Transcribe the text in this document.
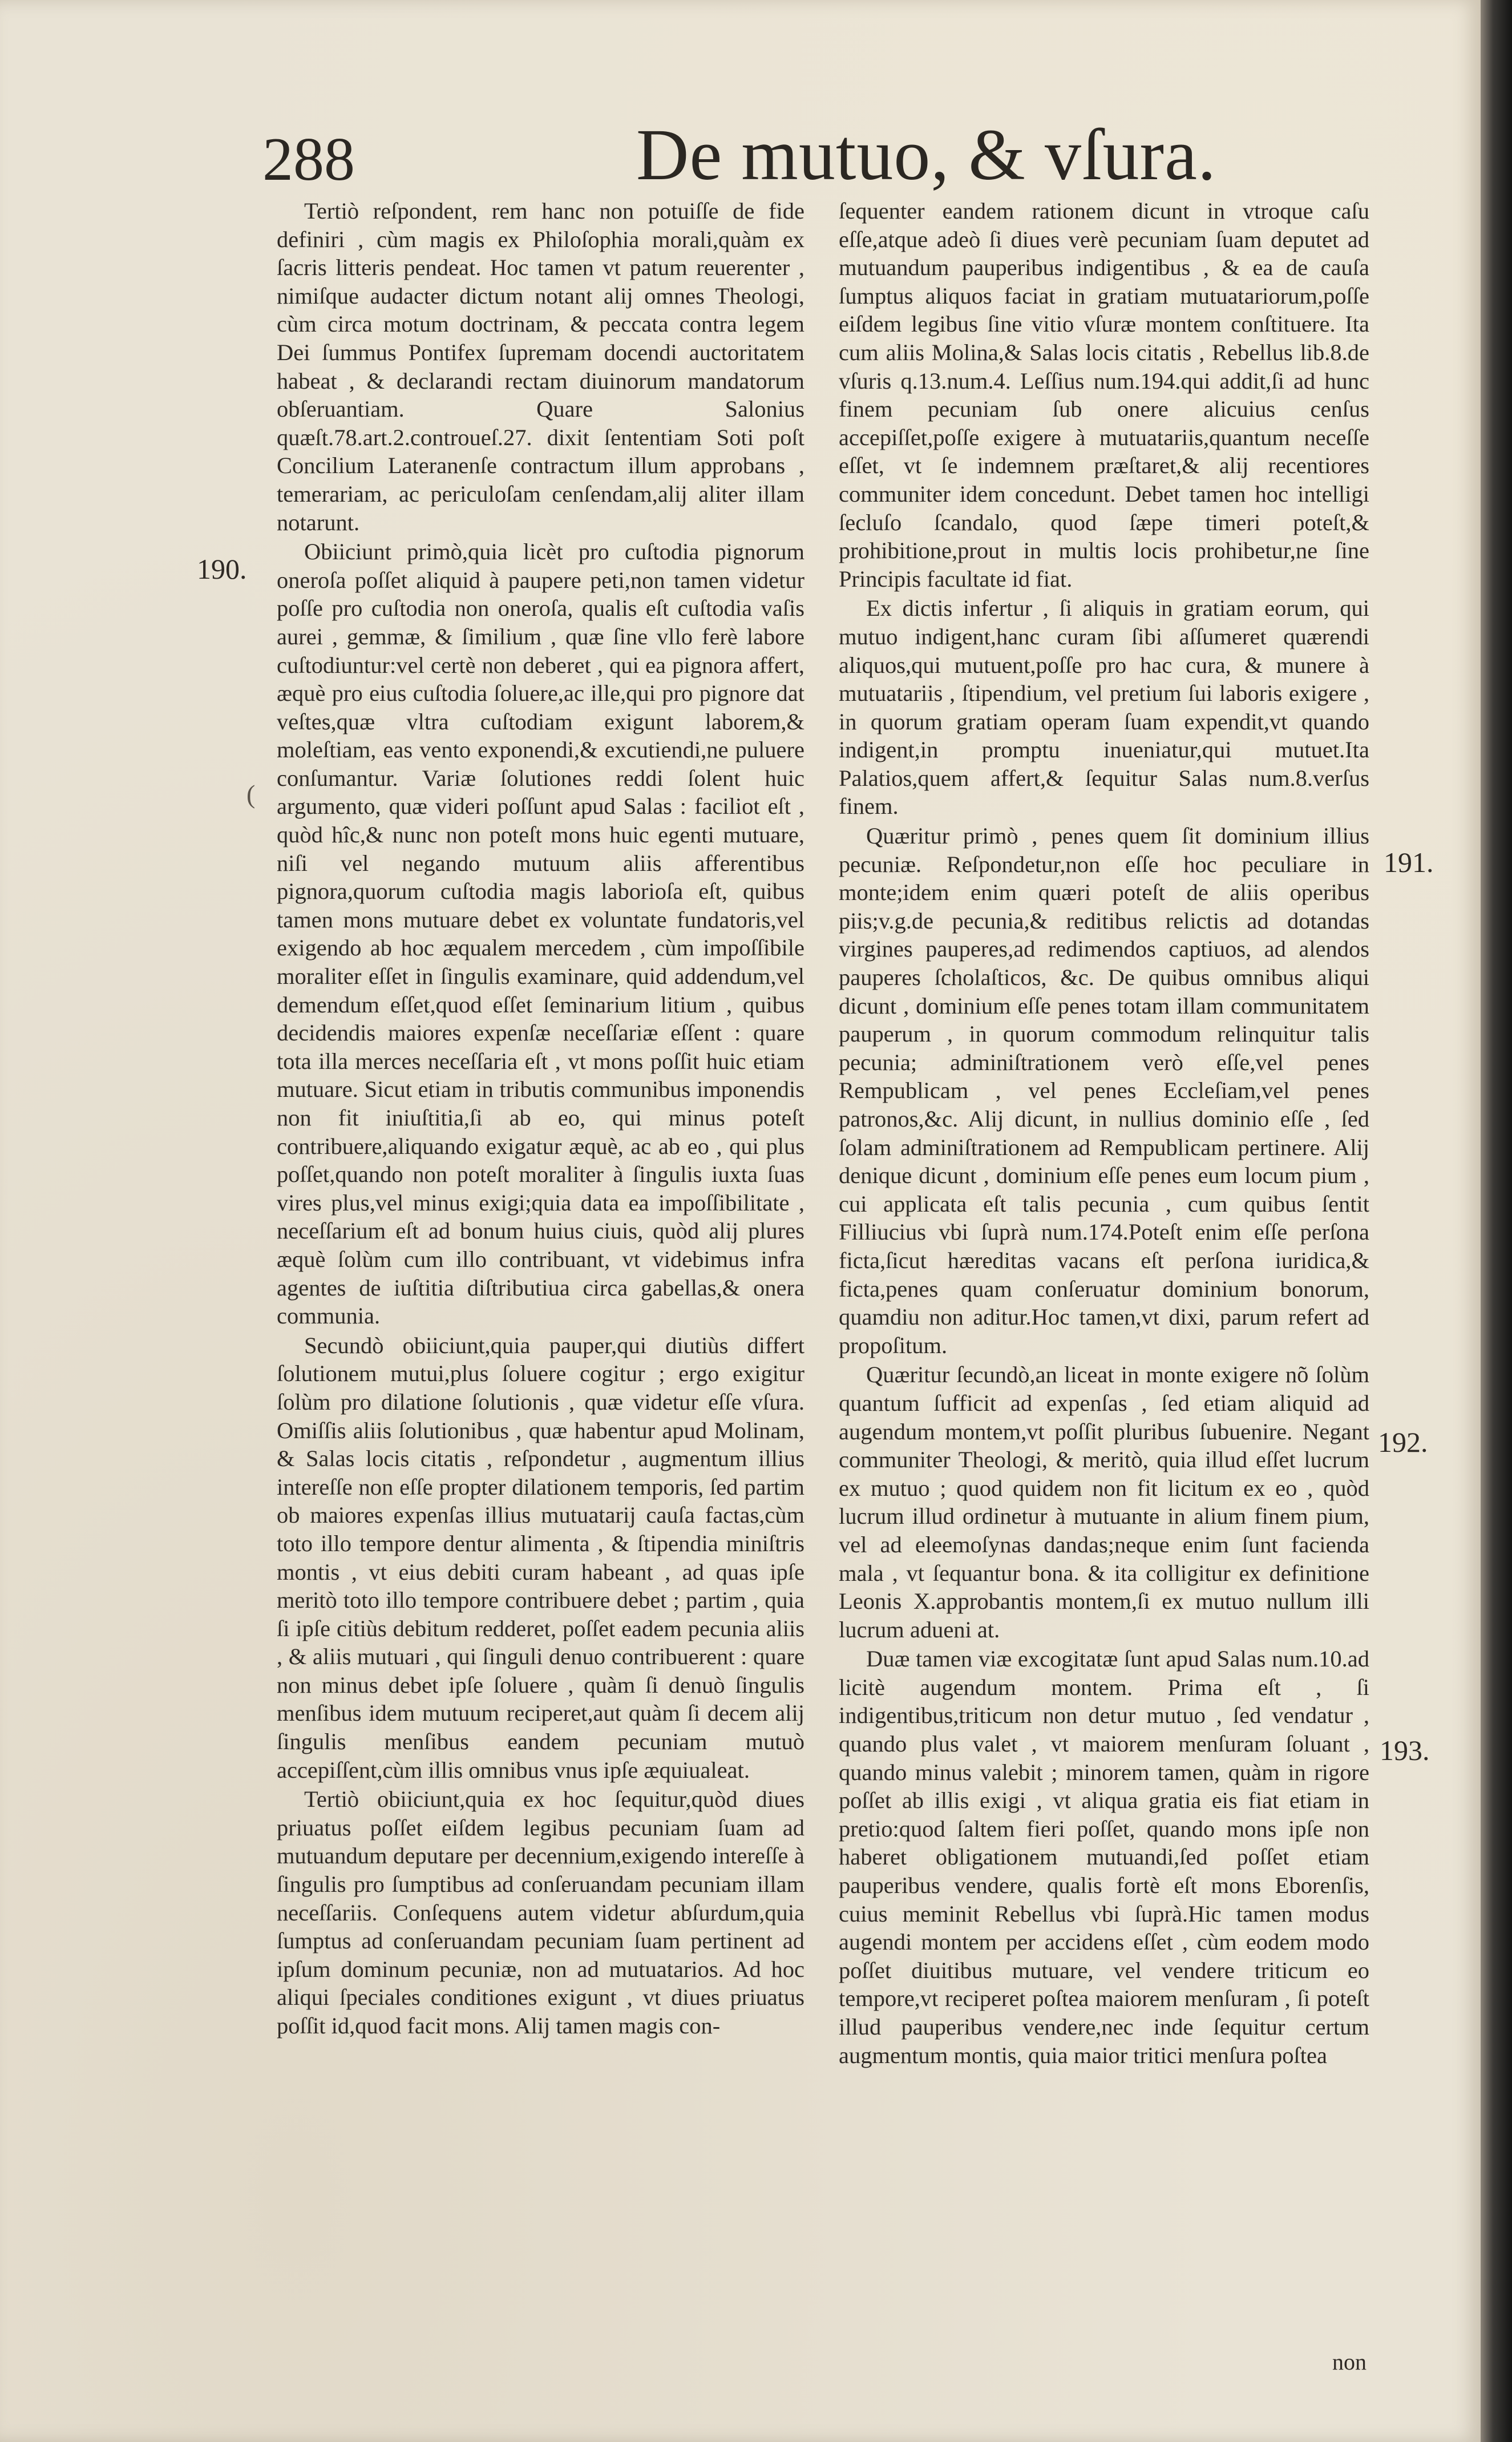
288	De mutuo, & vſura.

Tertiò reſpondent, rem hanc non potuiſſe de fide definiri , cùm magis ex Philoſophia morali,quàm ex ſacris litteris pendeat. Hoc tamen vt patum reuerenter , nimiſque audacter dictum notant alij omnes Theologi, cùm circa motum doctrinam, & peccata contra legem Dei ſummus Pontifex ſupremam docendi auctoritatem habeat , & declarandi rectam diuinorum mandatorum obſeruantiam. Quare Salonius quæſt.78.art.2.controueſ.27. dixit ſententiam Soti poſt Concilium Lateranenſe contractum illum approbans , temerariam, ac periculoſam cenſendam,alij aliter illam notarunt.

Obiiciunt primò,quia licèt pro cuſtodia pignorum oneroſa poſſet aliquid à paupere peti,non tamen videtur poſſe pro cuſtodia non oneroſa, qualis eſt cuſtodia vaſis aurei , gemmæ, & ſimilium , quæ ſine vllo ferè labore cuſtodiuntur:vel certè non deberet , qui ea pignora affert, æquè pro eius cuſtodia ſoluere,ac ille,qui pro pignore dat veſtes,quæ vltra cuſtodiam exigunt laborem,& moleſtiam, eas vento exponendi,& excutiendi,ne puluere conſumantur. Variæ ſolutiones reddi ſolent huic argumento, quæ videri poſſunt apud Salas : faciliot eſt , quòd hîc,& nunc non poteſt mons huic egenti mutuare, niſi vel negando mutuum aliis afferentibus pignora,quorum cuſtodia magis laborioſa eſt, quibus tamen mons mutuare debet ex voluntate fundatoris,vel exigendo ab hoc æqualem mercedem , cùm impoſſibile moraliter eſſet in ſingulis examinare, quid addendum,vel demendum eſſet,quod eſſet ſeminarium litium , quibus decidendis maiores expenſæ neceſſariæ eſſent : quare tota illa merces neceſſaria eſt , vt mons poſſit huic etiam mutuare. Sicut etiam in tributis communibus imponendis non fit iniuſtitia,ſi ab eo, qui minus poteſt contribuere,aliquando exigatur æquè, ac ab eo , qui plus poſſet,quando non poteſt moraliter à ſingulis iuxta ſuas vires plus,vel minus exigi;quia data ea impoſſibilitate , neceſſarium eſt ad bonum huius ciuis, quòd alij plures æquè ſolùm cum illo contribuant, vt videbimus infra agentes de iuſtitia diſtributiua circa gabellas,& onera communia.

Secundò obiiciunt,quia pauper,qui diutiùs differt ſolutionem mutui,plus ſoluere cogitur ; ergo exigitur ſolùm pro dilatione ſolutionis , quæ videtur eſſe vſura. Omiſſis aliis ſolutionibus , quæ habentur apud Molinam, & Salas locis citatis , reſpondetur , augmentum illius intereſſe non eſſe propter dilationem temporis, ſed partim ob maiores expenſas illius mutuatarij cauſa factas,cùm toto illo tempore dentur alimenta , & ſtipendia miniſtris montis , vt eius debiti curam habeant , ad quas ipſe meritò toto illo tempore contribuere debet ; partim , quia ſi ipſe citiùs debitum redderet, poſſet eadem pecunia aliis , & aliis mutuari , qui ſinguli denuo contribuerent : quare non minus debet ipſe ſoluere , quàm ſi denuò ſingulis menſibus idem mutuum reciperet,aut quàm ſi decem alij ſingulis menſibus eandem pecuniam mutuò accepiſſent,cùm illis omnibus vnus ipſe æquiualeat.

Tertiò obiiciunt,quia ex hoc ſequitur,quòd diues priuatus poſſet eiſdem legibus pecuniam ſuam ad mutuandum deputare per decennium,exigendo intereſſe à ſingulis pro ſumptibus ad conſeruandam pecuniam illam neceſſariis. Conſequens autem videtur abſurdum,quia ſumptus ad conſeruandam pecuniam ſuam pertinent ad ipſum dominum pecuniæ, non ad mutuatarios. Ad hoc aliqui ſpeciales conditiones exigunt , vt diues priuatus poſſit id,quod facit mons. Alij tamen magis con-

ſequenter eandem rationem dicunt in vtroque caſu eſſe,atque adeò ſi diues verè pecuniam ſuam deputet ad mutuandum pauperibus indigentibus , & ea de cauſa ſumptus aliquos faciat in gratiam mutuatariorum,poſſe eiſdem legibus ſine vitio vſuræ montem conſtituere. Ita cum aliis Molina,& Salas locis citatis , Rebellus lib.8.de vſuris q.13.num.4. Leſſius num.194.qui addit,ſi ad hunc finem pecuniam ſub onere alicuius cenſus accepiſſet,poſſe exigere à mutuatariis,quantum neceſſe eſſet, vt ſe indemnem præſtaret,& alij recentiores communiter idem concedunt. Debet tamen hoc intelligi ſecluſo ſcandalo, quod ſæpe timeri poteſt,& prohibitione,prout in multis locis prohibetur,ne ſine Principis facultate id fiat.

Ex dictis infertur , ſi aliquis in gratiam eorum, qui mutuo indigent,hanc curam ſibi aſſumeret quærendi aliquos,qui mutuent,poſſe pro hac cura, & munere à mutuatariis , ſtipendium, vel pretium ſui laboris exigere , in quorum gratiam operam ſuam expendit,vt quando indigent,in promptu inueniatur,qui mutuet.Ita Palatios,quem affert,& ſequitur Salas num.8.verſus finem.

Quæritur primò , penes quem ſit dominium illius pecuniæ. Reſpondetur,non eſſe hoc peculiare in monte;idem enim quæri poteſt de aliis operibus piis;v.g.de pecunia,& reditibus relictis ad dotandas virgines pauperes,ad redimendos captiuos, ad alendos pauperes ſcholaſticos, &c. De quibus omnibus aliqui dicunt , dominium eſſe penes totam illam communitatem pauperum , in quorum commodum relinquitur talis pecunia; adminiſtrationem verò eſſe,vel penes Rempublicam , vel penes Eccleſiam,vel penes patronos,&c. Alij dicunt, in nullius dominio eſſe , ſed ſolam adminiſtrationem ad Rempublicam pertinere. Alij denique dicunt , dominium eſſe penes eum locum pium , cui applicata eſt talis pecunia , cum quibus ſentit Filliucius vbi ſuprà num.174.Poteſt enim eſſe perſona ficta,ſicut hæreditas vacans eſt perſona iuridica,& ficta,penes quam conſeruatur dominium bonorum, quamdiu non aditur.Hoc tamen,vt dixi, parum refert ad propoſitum.

Quæritur ſecundò,an liceat in monte exigere nõ ſolùm quantum ſufficit ad expenſas , ſed etiam aliquid ad augendum montem,vt poſſit pluribus ſubuenire. Negant communiter Theologi, & meritò, quia illud eſſet lucrum ex mutuo ; quod quidem non fit licitum ex eo , quòd lucrum illud ordinetur à mutuante in alium finem pium, vel ad eleemoſynas dandas;neque enim ſunt facienda mala , vt ſequantur bona. & ita colligitur ex definitione Leonis X.approbantis montem,ſi ex mutuo nullum illi lucrum adueni at.

Duæ tamen viæ excogitatæ ſunt apud Salas num.10.ad licitè augendum montem. Prima eſt , ſi indigentibus,triticum non detur mutuo , ſed vendatur , quando plus valet , vt maiorem menſuram ſoluant , quando minus valebit ; minorem tamen, quàm in rigore poſſet ab illis exigi , vt aliqua gratia eis fiat etiam in pretio:quod ſaltem fieri poſſet, quando mons ipſe non haberet obligationem mutuandi,ſed poſſet etiam pauperibus vendere, qualis fortè eſt mons Eborenſis, cuius meminit Rebellus vbi ſuprà.Hic tamen modus augendi montem per accidens eſſet , cùm eodem modo poſſet diuitibus mutuare, vel vendere triticum eo tempore,vt reciperet poſtea maiorem menſuram , ſi poteſt illud pauperibus vendere,nec inde ſequitur certum augmentum montis, quia maior tritici menſura poſtea

190.
191.
192.
193.
(
non
